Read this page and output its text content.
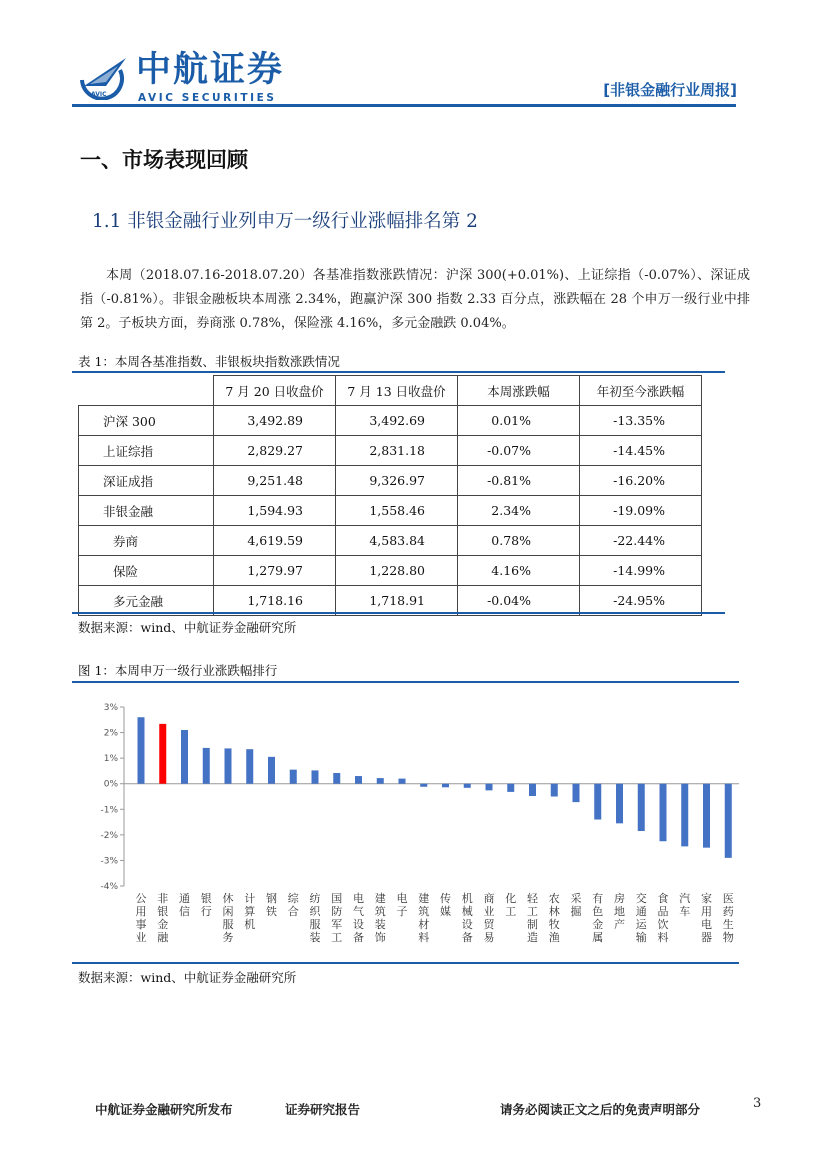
AVIC
中航证券
AVIC SECURITIES	[非银金融行业周报]
一、市场表现回顾
1.1 非银金融行业列申万一级行业涨幅排名第 2
本周（2018.07.16-2018.07.20）各基准指数涨跌情况：沪深 300(+0.01%)、上证综指（-0.07%）、深证成指（-0.81%）。非银金融板块本周涨 2.34%，跑赢沪深 300 指数 2.33 百分点，涨跌幅在 28 个申万一级行业中排第 2。子板块方面，券商涨 0.78%，保险涨 4.16%，多元金融跌 0.04%。
表 1：本周各基准指数、非银板块指数涨跌情况
	7 月 20 日收盘价	7 月 13 日收盘价	本周涨跌幅	年初至今涨跌幅
沪深 300	3,492.89	3,492.69	0.01%	-13.35%
上证综指	2,829.27	2,831.18	-0.07%	-14.45%
深证成指	9,251.48	9,326.97	-0.81%	-16.20%
非银金融	1,594.93	1,558.46	2.34%	-19.09%
券商	4,619.59	4,583.84	0.78%	-22.44%
保险	1,279.97	1,228.80	4.16%	-14.99%
多元金融	1,718.16	1,718.91	-0.04%	-24.95%
数据来源：wind、中航证券金融研究所
图 1：本周申万一级行业涨跌幅排行
3%
2%
1%
0%
-1%
-2%
-3%
-4%
公用事业
非银金融
通信
银行
休闲服务
计算机
钢铁
综合
纺织服装
国防军工
电气设备
建筑装饰
电子
建筑材料
传媒
机械设备
商业贸易
化工
轻工制造
农林牧渔
采掘
有色金属
房地产
交通运输
食品饮料
汽车
家用电器
医药生物
数据来源：wind、中航证券金融研究所
中航证券金融研究所发布	证券研究报告	请务必阅读正文之后的免责声明部分	3
